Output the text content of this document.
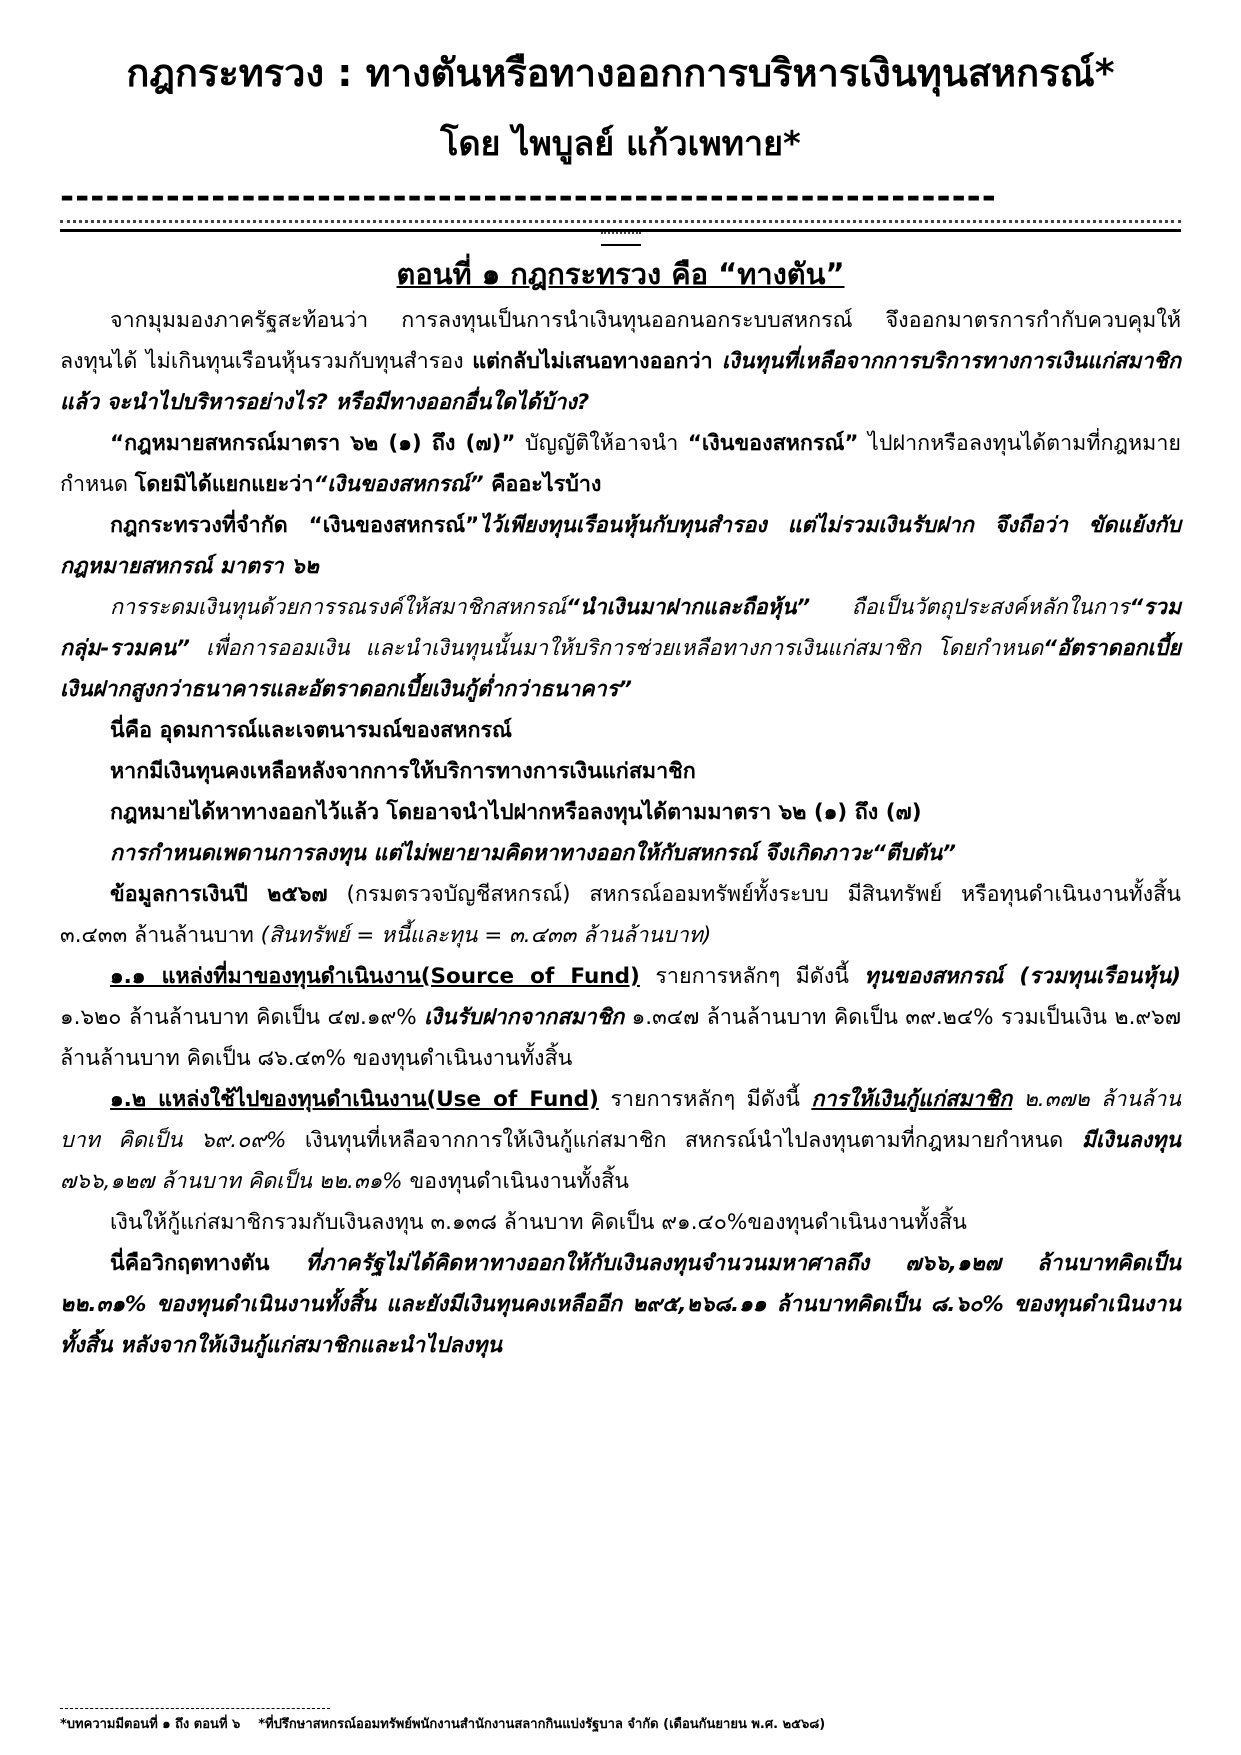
กฎกระทรวง : ทางตันหรือทางออกการบริหารเงินทุนสหกรณ์*
โดย ไพบูลย์ แก้วเพทาย*
--------------------------------------------------------------
ตอนที่ ๑ กฎกระทรวง คือ “ทางตัน”

จากมุมมองภาครัฐสะท้อนว่า การลงทุนเป็นการนำเงินทุนออกนอกระบบสหกรณ์ จึงออกมาตรการกำกับควบคุมให้ลงทุนได้ ไม่เกินทุนเรือนหุ้นรวมกับทุนสำรอง แต่กลับไม่เสนอทางออกว่า เงินทุนที่เหลือจากการบริการทางการเงินแก่สมาชิกแล้ว จะนำไปบริหารอย่างไร? หรือมีทางออกอื่นใดได้บ้าง?

“กฎหมายสหกรณ์มาตรา ๖๒ (๑) ถึง (๗)” บัญญัติให้อาจนำ “เงินของสหกรณ์” ไปฝากหรือลงทุนได้ตามที่กฎหมายกำหนด โดยมิได้แยกแยะว่า“เงินของสหกรณ์” คืออะไรบ้าง

กฎกระทรวงที่จำกัด “เงินของสหกรณ์”ไว้เพียงทุนเรือนหุ้นกับทุนสำรอง แต่ไม่รวมเงินรับฝาก จึงถือว่า ขัดแย้งกับกฎหมายสหกรณ์ มาตรา ๖๒

การระดมเงินทุนด้วยการรณรงค์ให้สมาชิกสหกรณ์“นำเงินมาฝากและถือหุ้น” ถือเป็นวัตถุประสงค์หลักในการ“รวมกลุ่ม-รวมคน” เพื่อการออมเงิน และนำเงินทุนนั้นมาให้บริการช่วยเหลือทางการเงินแก่สมาชิก โดยกำหนด“อัตราดอกเบี้ยเงินฝากสูงกว่าธนาคารและอัตราดอกเบี้ยเงินกู้ต่ำกว่าธนาคาร”

นี่คือ อุดมการณ์และเจตนารมณ์ของสหกรณ์

หากมีเงินทุนคงเหลือหลังจากการให้บริการทางการเงินแก่สมาชิก

กฎหมายได้หาทางออกไว้แล้ว โดยอาจนำไปฝากหรือลงทุนได้ตามมาตรา ๖๒ (๑) ถึง (๗)

การกำหนดเพดานการลงทุน แต่ไม่พยายามคิดหาทางออกให้กับสหกรณ์ จึงเกิดภาวะ“ตีบตัน”

ข้อมูลการเงินปี ๒๕๖๗ (กรมตรวจบัญชีสหกรณ์) สหกรณ์ออมทรัพย์ทั้งระบบ มีสินทรัพย์ หรือทุนดำเนินงานทั้งสิ้น ๓.๔๓๓ ล้านล้านบาท (สินทรัพย์ = หนี้และทุน = ๓.๔๓๓ ล้านล้านบาท)

๑.๑ แหล่งที่มาของทุนดำเนินงาน(Source of Fund) รายการหลักๆ มีดังนี้ ทุนของสหกรณ์ (รวมทุนเรือนหุ้น) ๑.๖๒๐ ล้านล้านบาท คิดเป็น ๔๗.๑๙% เงินรับฝากจากสมาชิก ๑.๓๔๗ ล้านล้านบาท คิดเป็น ๓๙.๒๔% รวมเป็นเงิน ๒.๙๖๗ ล้านล้านบาท คิดเป็น ๘๖.๔๓% ของทุนดำเนินงานทั้งสิ้น

๑.๒ แหล่งใช้ไปของทุนดำเนินงาน(Use of Fund) รายการหลักๆ มีดังนี้ การให้เงินกู้แก่สมาชิก ๒.๓๗๒ ล้านล้านบาท คิดเป็น ๖๙.๐๙% เงินทุนที่เหลือจากการให้เงินกู้แก่สมาชิก สหกรณ์นำไปลงทุนตามที่กฎหมายกำหนด มีเงินลงทุน ๗๖๖,๑๒๗ ล้านบาท คิดเป็น ๒๒.๓๑% ของทุนดำเนินงานทั้งสิ้น

เงินให้กู้แก่สมาชิกรวมกับเงินลงทุน ๓.๑๓๘ ล้านบาท คิดเป็น ๙๑.๔๐%ของทุนดำเนินงานทั้งสิ้น

นี่คือวิกฤตทางตัน ที่ภาครัฐไม่ได้คิดหาทางออกให้กับเงินลงทุนจำนวนมหาศาลถึง ๗๖๖,๑๒๗ ล้านบาทคิดเป็น ๒๒.๓๑% ของทุนดำเนินงานทั้งสิ้น และยังมีเงินทุนคงเหลืออีก ๒๙๕,๒๖๘.๑๑ ล้านบาทคิดเป็น ๘.๖๐% ของทุนดำเนินงานทั้งสิ้น หลังจากให้เงินกู้แก่สมาชิกและนำไปลงทุน

*บทความมีตอนที่ ๑ ถึง ตอนที่ ๖ *ที่ปรึกษาสหกรณ์ออมทรัพย์พนักงานสำนักงานสลากกินแบ่งรัฐบาล จำกัด (เดือนกันยายน พ.ศ. ๒๕๖๘)
